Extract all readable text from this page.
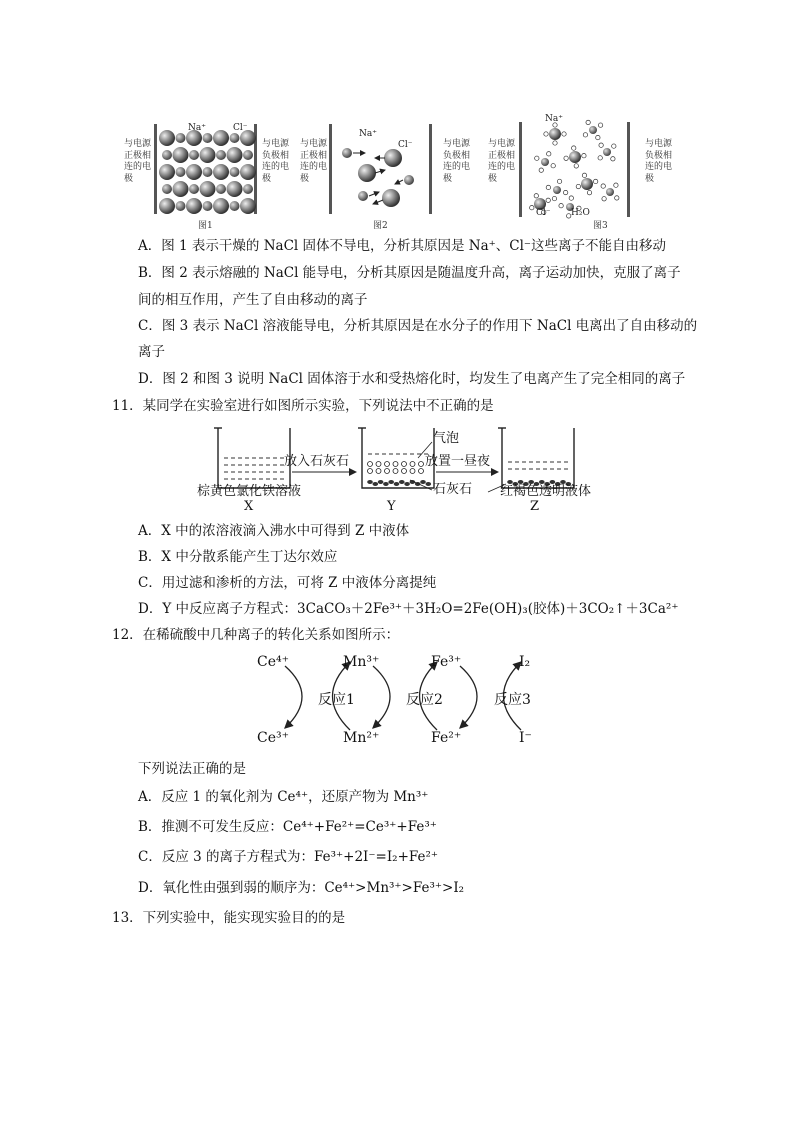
与电源正极相连的电极
Na⁺	Cl⁻
与电源负极相连的电极
图1
与电源正极相连的电极
Na⁺
Cl⁻	与电源负极相连的电极
图2
与电源正极相连的电极
Na⁺
Cl⁻ H₂O
与电源负极相连的电极
图3
A．图 1 表示干燥的 NaCl 固体不导电，分析其原因是 Na⁺、Cl⁻这些离子不能自由移动
B．图 2 表示熔融的 NaCl 能导电，分析其原因是随温度升高，离子运动加快，克服了离子
间的相互作用，产生了自由移动的离子
C．图 3 表示 NaCl 溶液能导电，分析其原因是在水分子的作用下 NaCl 电离出了自由移动的
离子
D．图 2 和图 3 说明 NaCl 固体溶于水和受热熔化时，均发生了电离产生了完全相同的离子
11．某同学在实验室进行如图所示实验，下列说法中不正确的是
放入石灰石	放置一昼夜
气泡
石灰石
棕黄色氯化铁溶液
X	Y
红褐色透明液体
Z
A．X 中的浓溶液滴入沸水中可得到 Z 中液体
B．X 中分散系能产生丁达尔效应
C．用过滤和渗析的方法，可将 Z 中液体分离提纯
D．Y 中反应离子方程式：3CaCO₃＋2Fe³⁺＋3H₂O=2Fe(OH)₃(胶体)＋3CO₂↑＋3Ca²⁺
12．在稀硫酸中几种离子的转化关系如图所示：
Ce⁴⁺
Ce³⁺
Mn³⁺
Mn²⁺
Fe³⁺
Fe²⁺
I₂
I⁻
反应1	反应2	反应3
下列说法正确的是
A．反应 1 的氧化剂为 Ce⁴⁺，还原产物为 Mn³⁺
B．推测不可发生反应：Ce⁴⁺+Fe²⁺=Ce³⁺+Fe³⁺
C．反应 3 的离子方程式为：Fe³⁺+2I⁻=I₂+Fe²⁺
D．氧化性由强到弱的顺序为：Ce⁴⁺>Mn³⁺>Fe³⁺>I₂
13．下列实验中，能实现实验目的的是
